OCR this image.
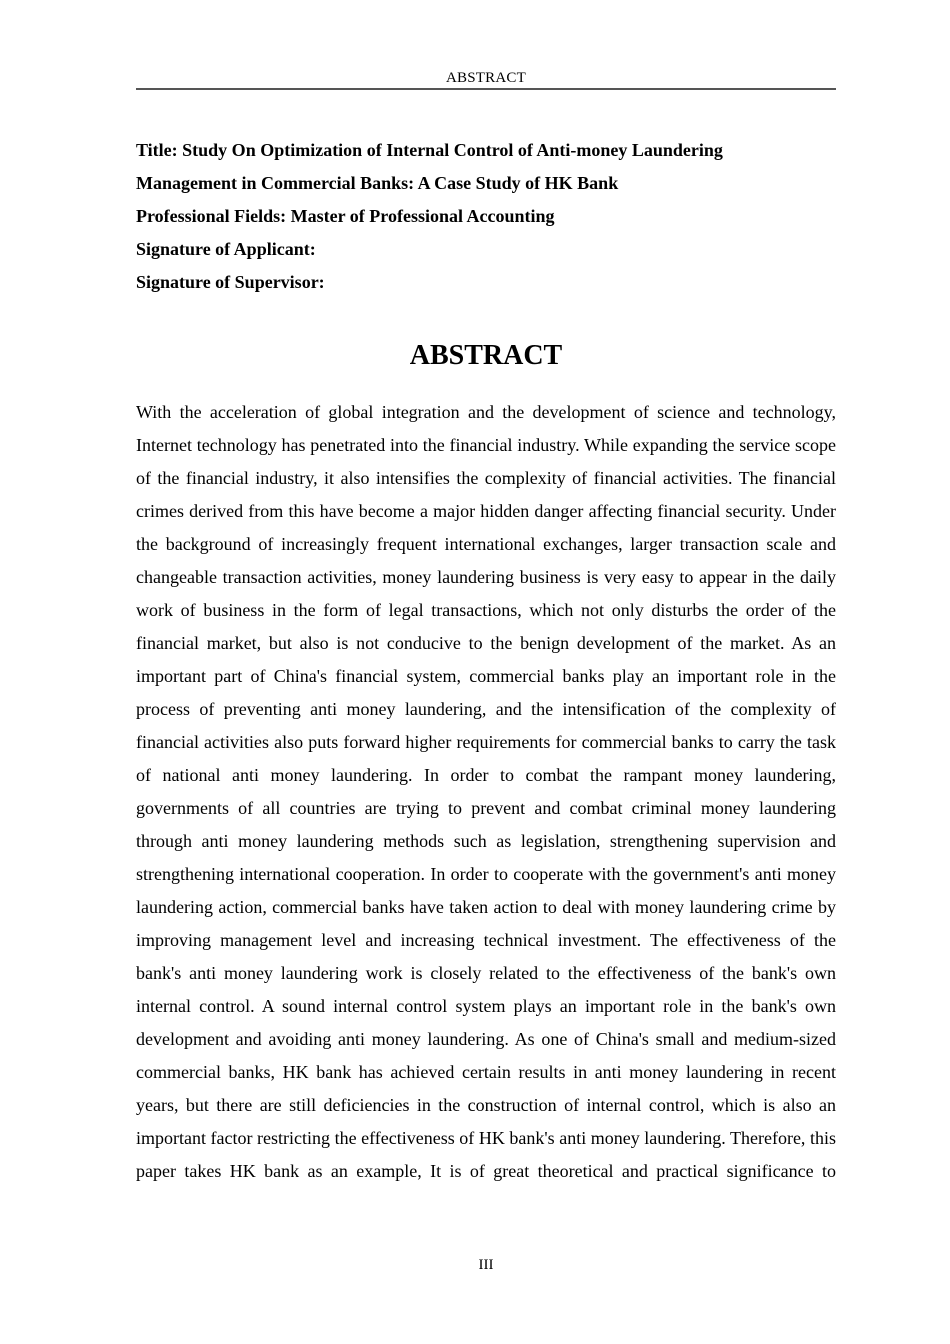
ABSTRACT
Title: Study On Optimization of Internal Control of Anti-money Laundering
Management in Commercial Banks: A Case Study of HK Bank
Professional Fields: Master of Professional Accounting
Signature of Applicant:
Signature of Supervisor:
ABSTRACT

With the acceleration of global integration and the development of science and technology, Internet technology has penetrated into the financial industry. While expanding the service scope of the financial industry, it also intensifies the complexity of financial activities. The financial crimes derived from this have become a major hidden danger affecting financial security. Under the background of increasingly frequent international exchanges, larger transaction scale and changeable transaction activities, money laundering business is very easy to appear in the daily work of business in the form of legal transactions, which not only disturbs the order of the financial market, but also is not conducive to the benign development of the market. As an important part of China's financial system, commercial banks play an important role in the process of preventing anti money laundering, and the intensification of the complexity of financial activities also puts forward higher requirements for commercial banks to carry the task of national anti money laundering. In order to combat the rampant money laundering, governments of all countries are trying to prevent and combat criminal money laundering through anti money laundering methods such as legislation, strengthening supervision and strengthening international cooperation. In order to cooperate with the government's anti money laundering action, commercial banks have taken action to deal with money laundering crime by improving management level and increasing technical investment. The effectiveness of the bank's anti money laundering work is closely related to the effectiveness of the bank's own internal control. A sound internal control system plays an important role in the bank's own development and avoiding anti money laundering. As one of China's small and medium-sized commercial banks, HK bank has achieved certain results in anti money laundering in recent years, but there are still deficiencies in the construction of internal control, which is also an important factor restricting the effectiveness of HK bank's anti money laundering. Therefore, this paper takes HK bank as an example, It is of great theoretical and practical significance to

III
